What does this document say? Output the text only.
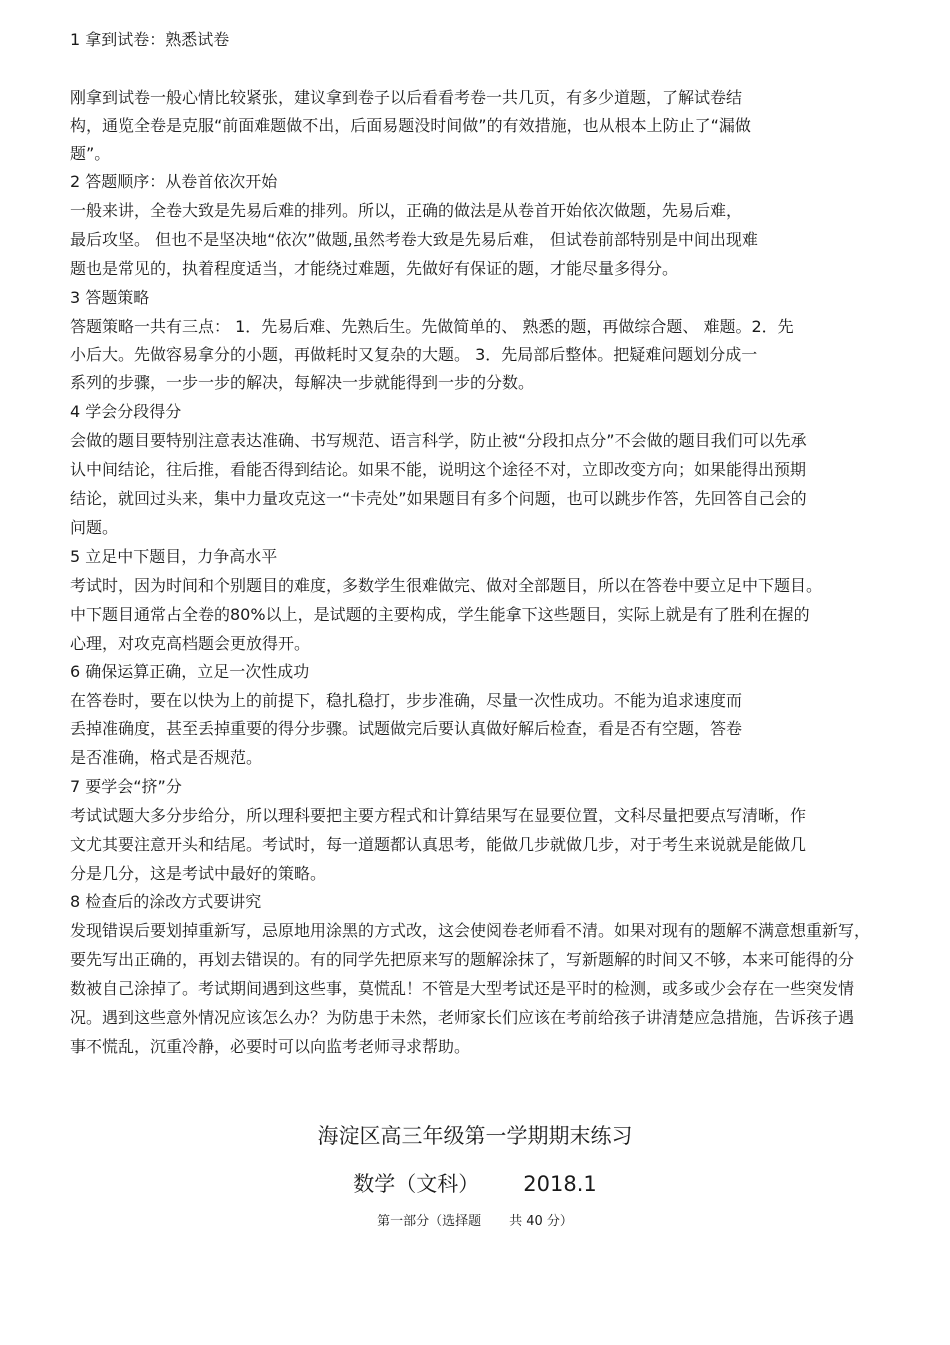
1 拿到试卷：熟悉试卷
刚拿到试卷一般心情比较紧张，建议拿到卷子以后看看考卷一共几页，有多少道题，了解试卷结
构，通览全卷是克服“前面难题做不出，后面易题没时间做”的有效措施，也从根本上防止了“漏做
题”。
2 答题顺序：从卷首依次开始
一般来讲，全卷大致是先易后难的排列。所以，正确的做法是从卷首开始依次做题，先易后难，
最后攻坚。 但也不是坚决地“依次”做题,虽然考卷大致是先易后难， 但试卷前部特别是中间出现难
题也是常见的，执着程度适当，才能绕过难题，先做好有保证的题，才能尽量多得分。
3 答题策略
答题策略一共有三点： 1．先易后难、先熟后生。先做简单的、 熟悉的题，再做综合题、 难题。2．先
小后大。先做容易拿分的小题，再做耗时又复杂的大题。 3．先局部后整体。把疑难问题划分成一
系列的步骤，一步一步的解决，每解决一步就能得到一步的分数。
4 学会分段得分
会做的题目要特别注意表达准确、书写规范、语言科学，防止被“分段扣点分”不会做的题目我们可以先承
认中间结论，往后推，看能否得到结论。如果不能，说明这个途径不对，立即改变方向；如果能得出预期
结论，就回过头来，集中力量攻克这一“卡壳处”如果题目有多个问题，也可以跳步作答，先回答自己会的
问题。
5 立足中下题目，力争高水平
考试时，因为时间和个别题目的难度，多数学生很难做完、做对全部题目，所以在答卷中要立足中下题目。
中下题目通常占全卷的80%以上，是试题的主要构成，学生能拿下这些题目，实际上就是有了胜利在握的
心理，对攻克高档题会更放得开。
6 确保运算正确，立足一次性成功
在答卷时，要在以快为上的前提下，稳扎稳打，步步准确，尽量一次性成功。不能为追求速度而
丢掉准确度，甚至丢掉重要的得分步骤。试题做完后要认真做好解后检查，看是否有空题，答卷
是否准确，格式是否规范。
7 要学会“挤”分
考试试题大多分步给分，所以理科要把主要方程式和计算结果写在显要位置，文科尽量把要点写清晰，作
文尤其要注意开头和结尾。考试时，每一道题都认真思考，能做几步就做几步，对于考生来说就是能做几
分是几分，这是考试中最好的策略。
8 检查后的涂改方式要讲究
发现错误后要划掉重新写，忌原地用涂黑的方式改，这会使阅卷老师看不清。如果对现有的题解不满意想重新写，
要先写出正确的，再划去错误的。有的同学先把原来写的题解涂抹了，写新题解的时间又不够，本来可能得的分
数被自己涂掉了。考试期间遇到这些事，莫慌乱！不管是大型考试还是平时的检测，或多或少会存在一些突发情
况。遇到这些意外情况应该怎么办？为防患于未然，老师家长们应该在考前给孩子讲清楚应急措施，告诉孩子遇
事不慌乱，沉重冷静，必要时可以向监考老师寻求帮助。
海淀区高三年级第一学期期末练习
数学（文科） 2018.1
第一部分（选择题 共 40 分）
